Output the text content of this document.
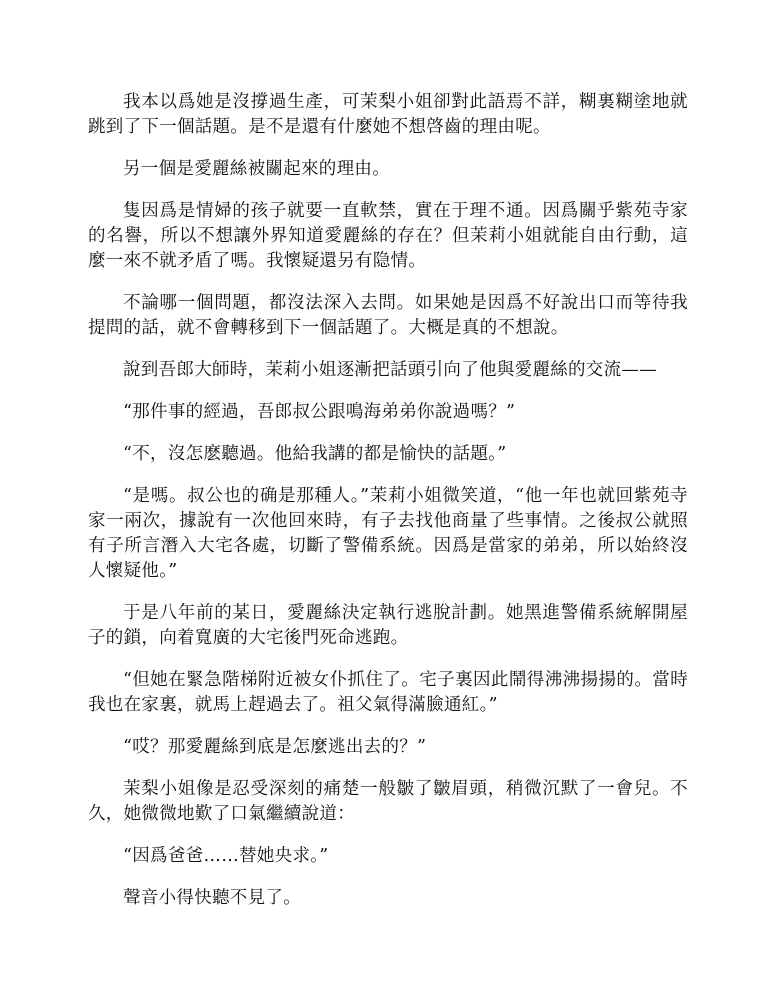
我本以爲她是沒撐過生產，可茉梨小姐卻對此語焉不詳，糊裏糊塗地就跳到了下一個話題。是不是還有什麼她不想啓齒的理由呢。

另一個是愛麗絲被關起來的理由。

隻因爲是情婦的孩子就要一直軟禁，實在于理不通。因爲關乎紫苑寺家的名譽，所以不想讓外界知道愛麗絲的存在？但茉莉小姐就能自由行動，這麼一來不就矛盾了嗎。我懷疑還另有隐情。

不論哪一個問題，都沒法深入去問。如果她是因爲不好說出口而等待我提問的話，就不會轉移到下一個話題了。大概是真的不想說。

說到吾郎大師時，茉莉小姐逐漸把話頭引向了他與愛麗絲的交流——

“那件事的經過，吾郎叔公跟鳴海弟弟你說過嗎？”

“不，沒怎麽聽過。他給我講的都是愉快的話題。”

“是嗎。叔公也的确是那種人。”茉莉小姐微笑道，“他一年也就回紫苑寺家一兩次，據說有一次他回來時，有子去找他商量了些事情。之後叔公就照有子所言潛入大宅各處，切斷了警備系統。因爲是當家的弟弟，所以始終沒人懷疑他。”

于是八年前的某日，愛麗絲決定執行逃脫計劃。她黑進警備系統解開屋子的鎖，向着寬廣的大宅後門死命逃跑。

“但她在緊急階梯附近被女仆抓住了。宅子裏因此鬧得沸沸揚揚的。當時我也在家裏，就馬上趕過去了。祖父氣得滿臉通紅。”

“哎？那愛麗絲到底是怎麼逃出去的？”

茉梨小姐像是忍受深刻的痛楚一般皺了皺眉頭，稍微沉默了一會兒。不久，她微微地歎了口氣繼續說道：

“因爲爸爸……替她央求。”

聲音小得快聽不見了。
